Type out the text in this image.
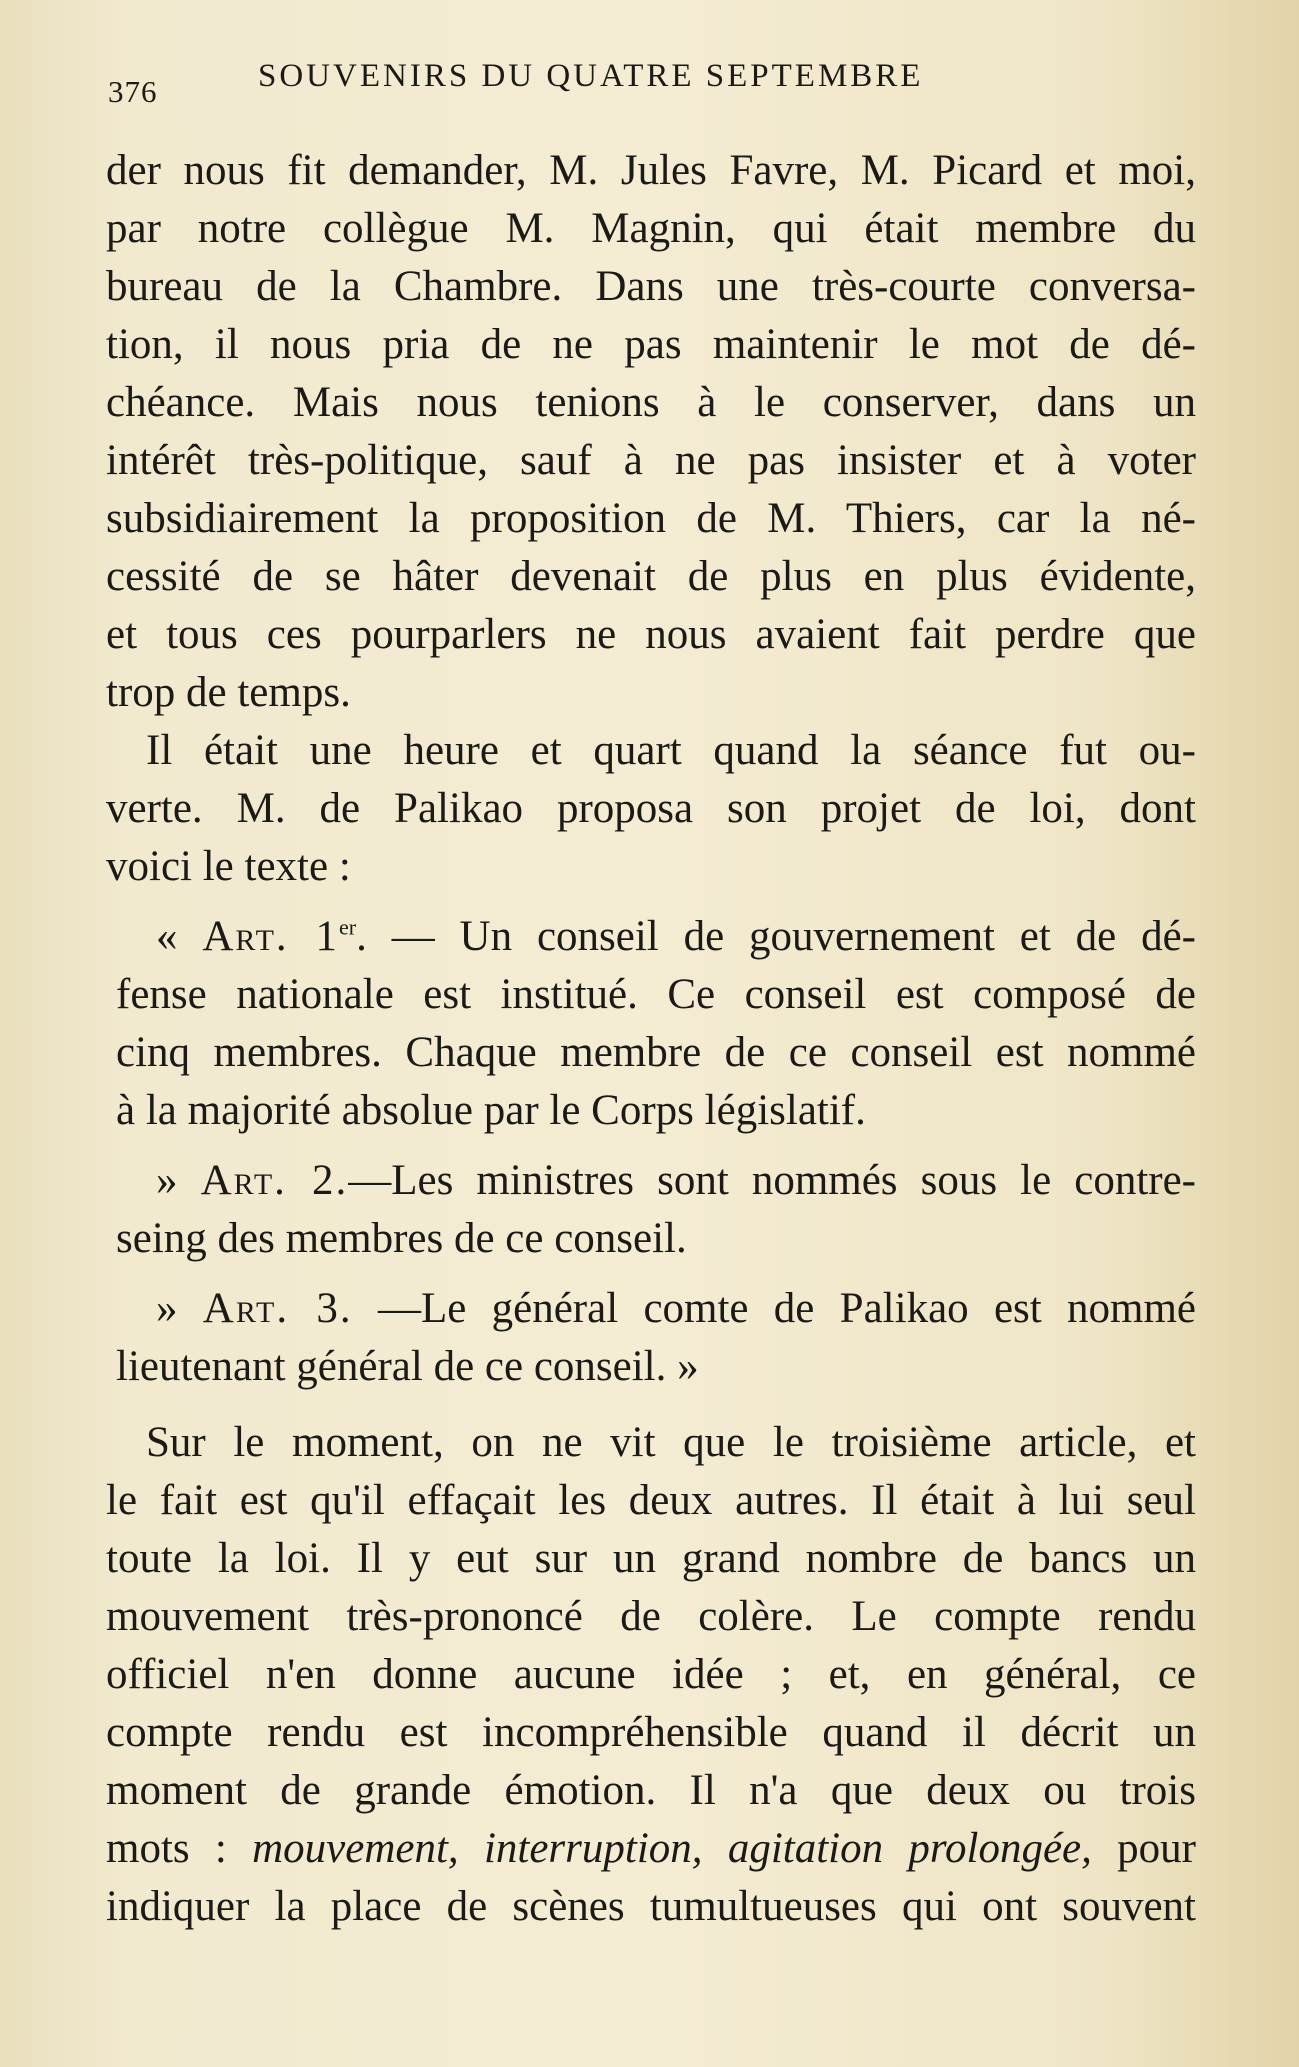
376	SOUVENIRS DU QUATRE SEPTEMBRE
der nous fit demander, M. Jules Favre, M. Picard et moi,
par notre collègue M. Magnin, qui était membre du
bureau de la Chambre. Dans une très-courte conversa-
tion, il nous pria de ne pas maintenir le mot de dé-
chéance. Mais nous tenions à le conserver, dans un
intérêt très-politique, sauf à ne pas insister et à voter
subsidiairement la proposition de M. Thiers, car la né-
cessité de se hâter devenait de plus en plus évidente,
et tous ces pourparlers ne nous avaient fait perdre que
trop de temps.
Il était une heure et quart quand la séance fut ou-
verte. M. de Palikao proposa son projet de loi, dont
voici le texte :
« Art. 1er. — Un conseil de gouvernement et de dé-
fense nationale est institué. Ce conseil est composé de
cinq membres. Chaque membre de ce conseil est nommé
à la majorité absolue par le Corps législatif.
» Art. 2.—Les ministres sont nommés sous le contre-
seing des membres de ce conseil.
» Art. 3. —Le général comte de Palikao est nommé
lieutenant général de ce conseil. »
Sur le moment, on ne vit que le troisième article, et
le fait est qu'il effaçait les deux autres. Il était à lui seul
toute la loi. Il y eut sur un grand nombre de bancs un
mouvement très-prononcé de colère. Le compte rendu
officiel n'en donne aucune idée ; et, en général, ce
compte rendu est incompréhensible quand il décrit un
moment de grande émotion. Il n'a que deux ou trois
mots : mouvement, interruption, agitation prolongée, pour
indiquer la place de scènes tumultueuses qui ont souvent
